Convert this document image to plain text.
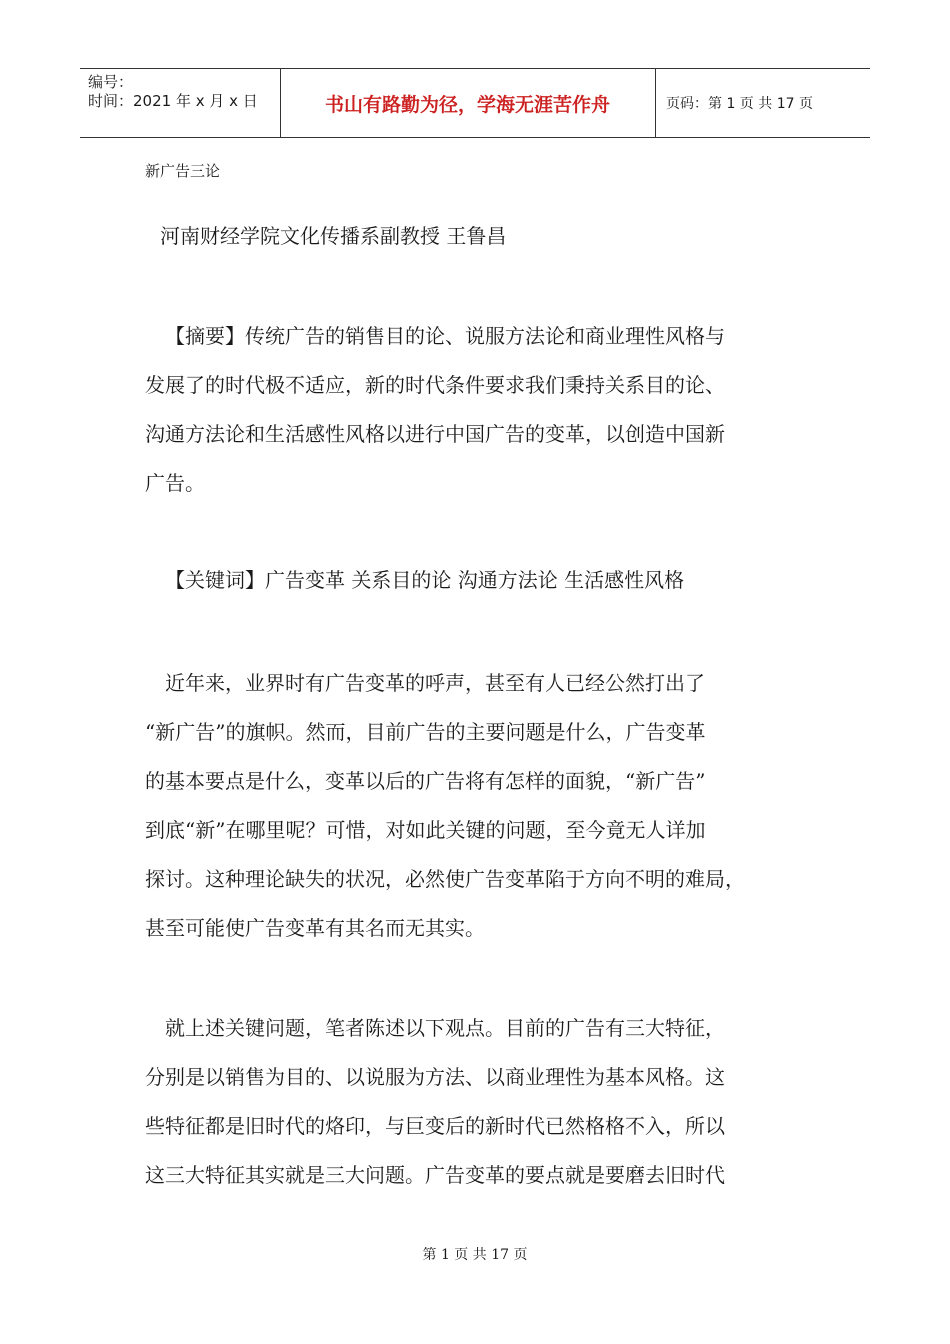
编号：
时间：2021 年 x 月 x 日	书山有路勤为径，学海无涯苦作舟	页码：第 1 页 共 17 页
新广告三论
河南财经学院文化传播系副教授 王鲁昌
【摘要】传统广告的销售目的论、说服方法论和商业理性风格与
发展了的时代极不适应，新的时代条件要求我们秉持关系目的论、
沟通方法论和生活感性风格以进行中国广告的变革，以创造中国新
广告。
【关键词】广告变革 关系目的论 沟通方法论 生活感性风格
近年来，业界时有广告变革的呼声，甚至有人已经公然打出了
“新广告”的旗帜。然而，目前广告的主要问题是什么，广告变革
的基本要点是什么，变革以后的广告将有怎样的面貌，“新广告”
到底“新”在哪里呢？可惜，对如此关键的问题，至今竟无人详加
探讨。这种理论缺失的状况，必然使广告变革陷于方向不明的难局，
甚至可能使广告变革有其名而无其实。
就上述关键问题，笔者陈述以下观点。目前的广告有三大特征，
分别是以销售为目的、以说服为方法、以商业理性为基本风格。这
些特征都是旧时代的烙印，与巨变后的新时代已然格格不入，所以
这三大特征其实就是三大问题。广告变革的要点就是要磨去旧时代
第 1 页 共 17 页
